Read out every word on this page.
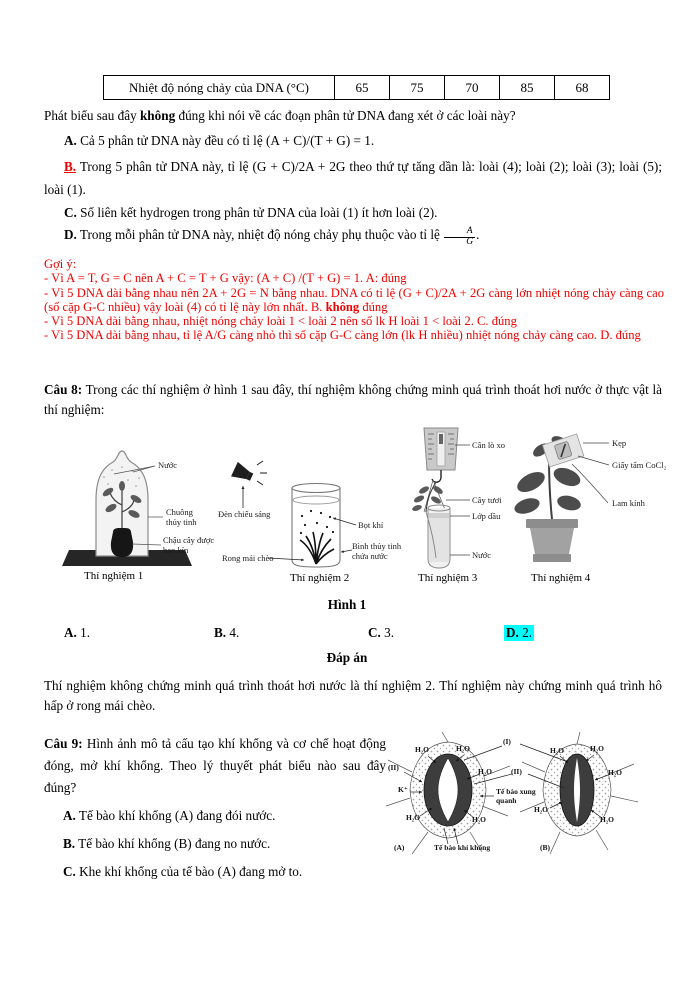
Nhiệt độ nóng chảy của DNA (°C)	65	75	70	85	68
Phát biểu sau đây không đúng khi nói về các đoạn phân tử DNA đang xét ở các loài này?
A. Cả 5 phân tử DNA này đều có tỉ lệ (A + C)/(T + G) = 1.
B. Trong 5 phân tử DNA này, tỉ lệ (G + C)/2A + 2G theo thứ tự tăng dần là: loài (4); loài (2); loài (3); loài (5); loài (1).
C. Số liên kết hydrogen trong phân tử DNA của loài (1) ít hơn loài (2).
D. Trong mỗi phân tử DNA này, nhiệt độ nóng chảy phụ thuộc vào tỉ lệ $\frac{A}{G}$ .
Gợi ý:
- Vì A = T, G = C nên A + C = T + G vậy: (A + C) /(T + G) = 1. A: đúng
- Vì 5 DNA dài bằng nhau nên 2A + 2G = N bằng nhau. DNA có tỉ lệ (G + C)/2A + 2G càng lớn nhiệt nóng chảy càng cao (số cặp G-C nhiều) vậy loài (4) có tỉ lệ này lớn nhất. B. không đúng
- Vì 5 DNA dài bằng nhau, nhiệt nóng chảy loài 1 < loài 2 nên số lk H loài 1 < loài 2. C. đúng
- Vì 5 DNA dài bằng nhau, tỉ lệ A/G càng nhỏ thì số cặp G-C càng lớn (lk H nhiều) nhiệt nóng chảy càng cao. D. đúng
Câu 8: Trong các thí nghiệm ở hình 1 sau đây, thí nghiệm không chứng minh quá trình thoát hơi nước ở thực vật là thí nghiệm:
Nước
Chuông thủy tinh
Chậu cây được bao kín
Đèn chiếu sáng
Bọt khí
Rong mái chèo
Bình thủy tinh chứa nước
Cân lò xo
Cây tươi
Lớp dầu
Nước
Kẹp
Giấy tẩm CoCl₂
Lam kính
Thí nghiệm 1	Thí nghiệm 2	Thí nghiệm 3	Thí nghiệm 4
Hình 1
A. 1.	B. 4.	C. 3.	D. 2.
Đáp án
Thí nghiệm không chứng minh quá trình thoát hơi nước là thí nghiệm 2. Thí nghiệm này chứng minh quá trình hô hấp ở rong mái chèo.
Câu 9: Hình ảnh mô tả cấu tạo khí khổng và cơ chế hoạt động đóng, mở khí khổng. Theo lý thuyết phát biểu nào sau đây đúng?
A. Tế bào khí khổng (A) đang đói nước.
B. Tế bào khí khổng (B) đang no nước.
C. Khe khí khổng của tế bào (A) đang mở to.
(I)
(II)	(II)
K⁺
H₂O	H₂O
H₂O
H₂O	H₂O
Tế bào xung quanh
Tế bào khí khổng
(A)	(B)
H₂O	H₂O
H₂O
H₂O
H₂O
